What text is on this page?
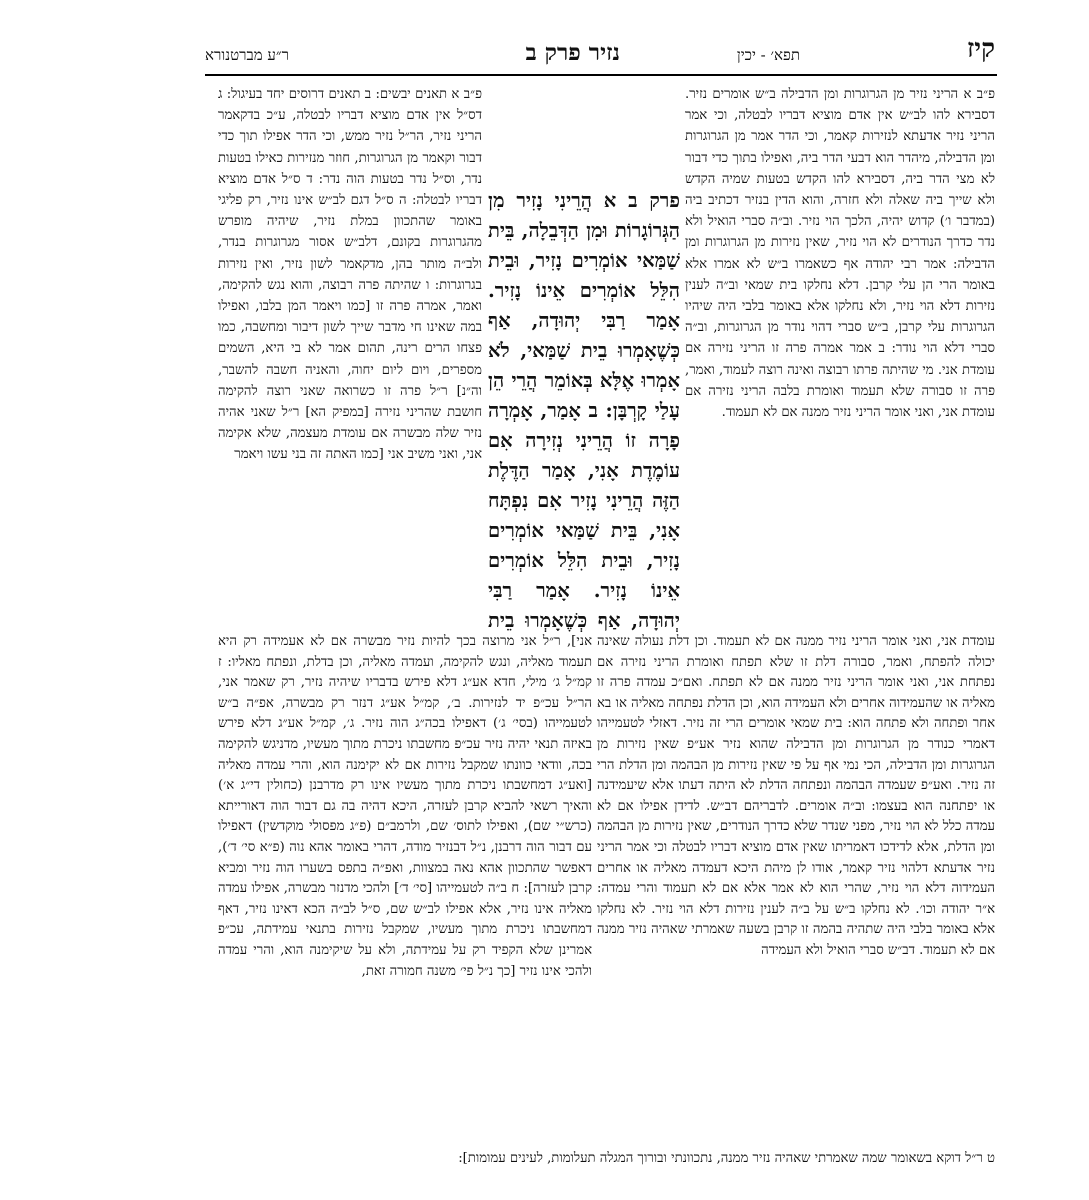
קיז
תפא׳ - יכין
נזיר פרק ב
ר״ע מברטנורא

פ״ב א הריני נזיר מן הגרוגרות ומן הדבילה ב״ש אומרים נזיר. דסבירא להו לב״ש אין אדם מוציא דבריו לבטלה, וכי אמר הריני נזיר אדעתא לנזירות קאמר, וכי הדר אמר מן הגרוגרות ומן הדבילה, מיהדר הוא דבעי הדר ביה, ואפילו בתוך כדי דבור לא מצי הדר ביה, דסבירא להו הקדש בטעות שמיה הקדש ולא שייך ביה שאלה ולא חזרה, והוא הדין בנזיר דכתיב ביה (במדבר ו׳) קדוש יהיה, הלכך הוי נזיר. וב״ה סברי הואיל ולא נדר כדרך הנודרים לא הוי נזיר, שאין נזירות מן הגרוגרות ומן הדבילה: אמר רבי יהודה אף כשאמרו ב״ש לא אמרו אלא באומר הרי הן עלי קרבן. דלא נחלקו בית שמאי וב״ה לענין נזירות דלא הוי נזיר, ולא נחלקו אלא באומר בלבי היה שיהיו הגרוגרות עלי קרבן, ב״ש סברי דהוי נודר מן הגרוגרות, וב״ה סברי דלא הוי נודר: ב אמר אמרה פרה זו הריני נזירה אם עומדת אני. מי שהיתה פרתו רבוצה ואינה רוצה לעמוד, ואמר, פרה זו סבורה שלא תעמוד ואומרת בלבה הריני נזירה אם עומדת אני, ואני אומר הריני נזיר ממנה אם לא תעמוד.

פרק ב א הֲרֵינִי נָזִיר מִן הַגְּרוֹגָרוֹת וּמִן הַדְּבֵלָה, בֵּית שַׁמַּאי אוֹמְרִים נָזִיר, וּבֵית הִלֵּל אוֹמְרִים אֵינוֹ נָזִיר. אָמַר רַבִּי יְהוּדָה, אַף כְּשֶׁאָמְרוּ בֵית שַׁמַּאי, לֹא אָמְרוּ אֶלָּא בְּאוֹמֵר הֲרֵי הֵן עָלַי קָרְבָּן: ב אָמַר, אָמְרָה פָרָה זוֹ הֲרֵינִי נְזִירָה אִם עוֹמֶדֶת אָנִי, אָמַר הַדֶּלֶת הַזֶּה הֲרֵינִי נָזִיר אִם נִפְתָּח אָנִי, בֵּית שַׁמַּאי אוֹמְרִים נָזִיר, וּבֵית הִלֵּל אוֹמְרִים אֵינוֹ נָזִיר. אָמַר רַבִּי יְהוּדָה, אַף כְּשֶׁאָמְרוּ בֵית

פ״ב א תאנים יבשים: ב תאנים דרוסים יחד בעיגול: ג דס״ל אין אדם מוציא דבריו לבטלה, ע״כ בדקאמר הריני נזיר, הר״ל נזיר ממש, וכי הדר אפילו תוך כדי דבור וקאמר מן הגרוגרות, חוזר מנזירות כאילו בטעות נדר, וס״ל נדר בטעות הוה נדר: ד ס״ל אדם מוציא דבריו לבטלה: ה ס״ל דגם לב״ש אינו נזיר, רק פליגי באומר שהתכוון במלת נזיר, שיהיה מופרש מהגרוגרות בקונם, דלב״ש אסור מגרוגרות בנדר, ולב״ה מותר בהן, מדקאמר לשון נזיר, ואין נזירות בגרוגרות: ו שהיתה פרה רבוצה, והוא נגש להקימה, ואמר, אמרה פרה זו [כמו ויאמר המן בלבו, ואפילו במה שאינו חי מדבר שייך לשון דיבור ומחשבה, כמו פצחו הרים רינה, תהום אמר לא בי היא, השמים מספרים, ויום ליום יחוה, והאניה חשבה להשבר, וה״נ] ר״ל פרה זו כשרואה שאני רוצה להקימה חושבת שהריני נזירה [במפיק הא] ר״ל שאני אהיה נזיר שלה מבשרה אם עומדת מעצמה, שלא אקימה אני, ואני משיב אני [כמו האתה זה בני עשו ויאמר

עומדת אני, ואני אומר הריני נזיר ממנה אם לא תעמוד. וכן דלת נעולה שאינה יכולה להפתח, ואמר, סבורה דלת זו שלא תפתח ואומרת הריני נזירה אם נפתחת אני, ואני אומר הריני נזיר ממנה אם לא תפתח. ואם״כ עמדה פרה זו מאליה או שהעמידוה אחרים ולא העמידה הוא, וכן הדלת נפתחה מאליה או בא אחר ופתחה ולא פתחה הוא: בית שמאי אומרים הרי זה נזיר. דאזלי לטעמייהו דאמרי כנודר מן הגרוגרות ומן הדבילה שהוא נזיר אע״פ שאין נזירות מן הגרוגרות ומן הדבילה, הכי נמי אף על פי שאין נזירות מן הבהמה ומן הדלת הרי זה נזיר. ואע״פ שעמדה הבהמה ונפתחה הדלת לא היתה דעתו אלא שיעמידנה או יפתחנה הוא בעצמו: וב״ה אומרים. לדבריהם דב״ש. לדידן אפילו אם לא עמדה כלל לא הוי נזיר, מפני שנדר שלא כדרך הנודרים, שאין נזירות מן הבהמה ומן הדלת, אלא לדידכו דאמריתו שאין אדם מוציא דבריו לבטלה וכי אמר הריני נזיר אדעתא דלהוי נזיר קאמר, אודו לן מיהת היכא דעמדה מאליה או אחרים העמידוה דלא הוי נזיר, שהרי הוא לא אמר אלא אם לא תעמוד והרי עמדה: א״ר יהודה וכו׳. לא נחלקו ב״ש על ב״ה לענין נזירות דלא הוי נזיר. לא נחלקו אלא באומר בלבי היה שתהיה בהמה זו קרבן בשעה שאמרתי שאהיה נזיר ממנה אם לא תעמוד. דב״ש סברי הואיל ולא העמידה

אני], ר״ל אני מרוצה בכך להיות נזיר מבשרה אם לא אעמידה רק היא תעמוד מאליה, ונגש להקימה, ועמדה מאליה, וכן בדלת, ונפתח מאליו: ז קמ״ל ג׳ מילי, חדא אע״ג דלא פירש בדבריו שיהיה נזיר, רק שאמר אני, הר״ל עכ״פ יד לנזירות. ב׳, קמ״ל אע״ג דנזר רק מבשרה, אפ״ה ב״ש לטעמייהו (בסי׳ ג׳) דאפילו בכה״ג הוה נזיר. ג׳, קמ״ל אע״ג דלא פירש באיזה תנאי יהיה נזיר עכ״פ מחשבתו ניכרת מתוך מעשיו, מדניגש להקימה בכה, וודאי כוונתו שמקבל נזירות אם לא יקימנה הוא, והרי עמדה מאליה [ואע״ג דמחשבתו ניכרת מתוך מעשיו אינו רק מדרבנן (כחולין די״ג א׳) והאיך רשאי להביא קרבן לעזרה, היכא דהיה בה גם דבור הוה דאורייתא (כרש״י שם), ואפילו לתוס׳ שם, ולרמב״ם (פ״ג מפסולי מוקדשין) דאפילו עם דבור הוה דרבנן, נ״ל דבנזיר מודה, דהרי באומר אהא נוה (פ״א סי׳ ד׳), דאפשר שהתכוון אהא נאה במצוות, ואפ״ה בתפס בשערו הוה נזיר ומביא קרבן לעזרה]: ח ב״ה לטעמייהו [סי׳ ד׳] ולהכי מדנזר מבשרה, אפילו עמדה מאליה אינו נזיר, אלא אפילו לב״ש שם, ס״ל לב״ה הכא דאינו נזיר, דאף דמחשבתו ניכרת מתוך מעשיו, שמקבל נזירות בתנאי עמידתה, עכ״פ אמרינן שלא הקפיד רק על עמידתה, ולא על שיקימנה הוא, והרי עמדה ולהכי אינו נזיר [כך נ״ל פי׳ משנה חמורה זאת,

ט ר״ל דוקא בשאומר שמה שאמרתי שאהיה נזיר ממנה, נתכוונתי ובורוך המגלה תעלומות, לעינים עמומות]:
